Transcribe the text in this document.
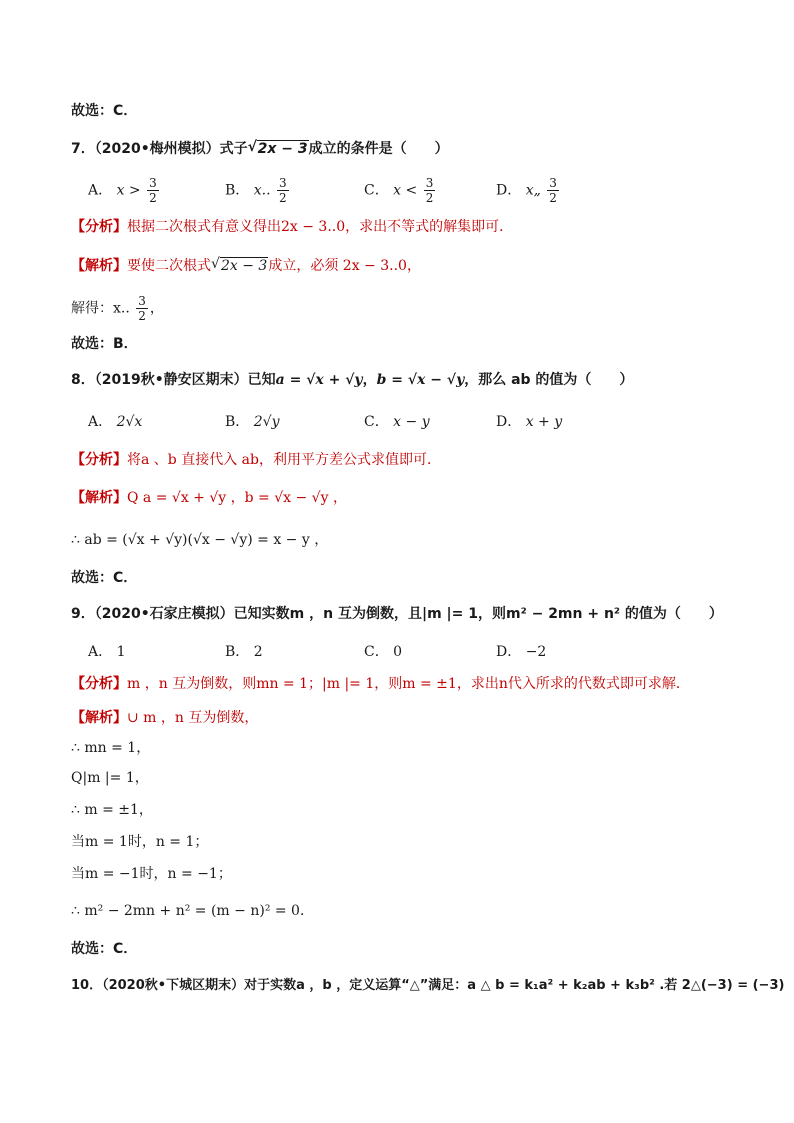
故选：C．
7．（2020•梅州模拟）式子 √ 2x − 3成立的条件是（　　）
A． $x > \frac{3}{2}$	B． x.. $\frac{3}{2}$	C． $x < \frac{3}{2}$	D． x„ $\frac{3}{2}$
【分析】根据二次根式有意义得出2x − 3..0，求出不等式的解集即可．
【解析】要使二次根式 √ 2x − 3成立，必须 2x − 3..0，
解得：x.. $\frac{3}{2}$ ，
故选：B．
8．（2019秋•静安区期末）已知a = √x + √y，b = √x − √y，那么 ab 的值为（　　）
A． 2√x	B． 2√y	C． x − y	D． x + y
【分析】将a 、b 直接代入 ab，利用平方差公式求值即可．
【解析】Q a = √x + √y ，b = √x − √y ，
∴ ab = (√x + √y)(√x − √y) = x − y ，
故选：C．
9．（2020•石家庄模拟）已知实数m ，n 互为倒数，且|m |= 1，则m² − 2mn + n² 的值为（　　）
A． 1	B． 2	C． 0	D． −2
【分析】m ，n 互为倒数，则mn = 1；|m |= 1，则m = ±1，求出n代入所求的代数式即可求解．
【解析】∪ m ，n 互为倒数，
∴ mn = 1，
Q|m |= 1，
∴ m = ±1，
当m = 1时，n = 1；
当m = −1时，n = −1；
∴ m² − 2mn + n² = (m − n)² = 0．
故选：C．
10．（2020秋•下城区期末）对于实数a ，b ，定义运算“△”满足：a △ b = k₁a² + k₂ab + k₃b² .若 2△(−3) = (−3)
